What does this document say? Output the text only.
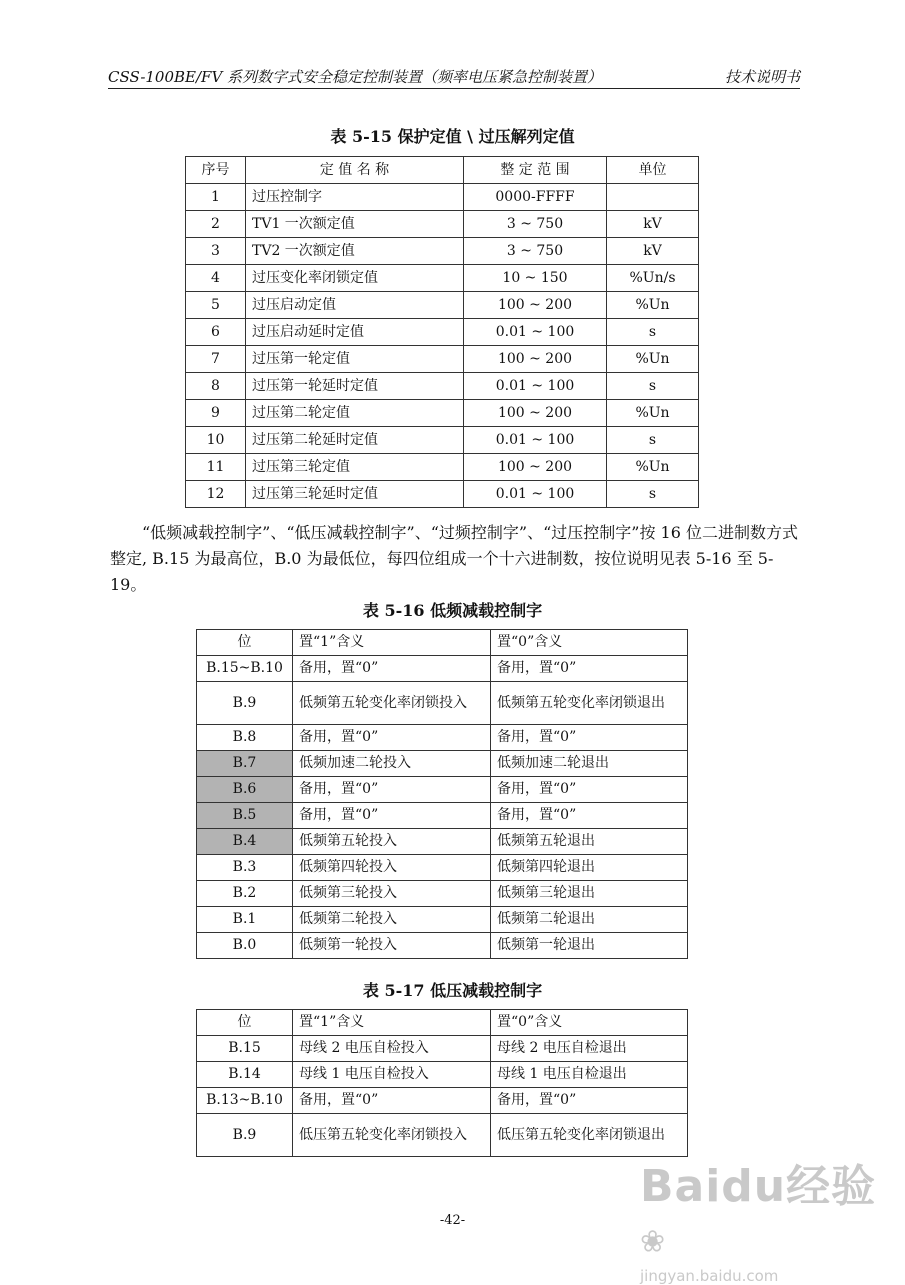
CSS-100BE/FV 系列数字式安全稳定控制装置（频率电压紧急控制装置）	技术说明书
表 5-15 保护定值 \ 过压解列定值
序号	定 值 名 称	整 定 范 围	单位
1	过压控制字	0000-FFFF	
2	TV1 一次额定值	3 ~ 750	kV
3	TV2 一次额定值	3 ~ 750	kV
4	过压变化率闭锁定值	10 ~ 150	%Un/s
5	过压启动定值	100 ~ 200	%Un
6	过压启动延时定值	0.01 ~ 100	s
7	过压第一轮定值	100 ~ 200	%Un
8	过压第一轮延时定值	0.01 ~ 100	s
9	过压第二轮定值	100 ~ 200	%Un
10	过压第二轮延时定值	0.01 ~ 100	s
11	过压第三轮定值	100 ~ 200	%Un
12	过压第三轮延时定值	0.01 ~ 100	s
“低频减载控制字”、“低压减载控制字”、“过频控制字”、“过压控制字”按 16 位二进制数方式整定, B.15 为最高位，B.0 为最低位，每四位组成一个十六进制数，按位说明见表 5-16 至 5-19。
表 5-16 低频减载控制字
位	置“1”含义	置“0”含义
B.15~B.10	备用，置“0”	备用，置“0”
B.9	低频第五轮变化率闭锁投入	低频第五轮变化率闭锁退出
B.8	备用，置“0”	备用，置“0”
B.7	低频加速二轮投入	低频加速二轮退出
B.6	备用，置“0”	备用，置“0”
B.5	备用，置“0”	备用，置“0”
B.4	低频第五轮投入	低频第五轮退出
B.3	低频第四轮投入	低频第四轮退出
B.2	低频第三轮投入	低频第三轮退出
B.1	低频第二轮投入	低频第二轮退出
B.0	低频第一轮投入	低频第一轮退出
表 5-17 低压减载控制字
位	置“1”含义	置“0”含义
B.15	母线 2 电压自检投入	母线 2 电压自检退出
B.14	母线 1 电压自检投入	母线 1 电压自检退出
B.13~B.10	备用，置“0”	备用，置“0”
B.9	低压第五轮变化率闭锁投入	低压第五轮变化率闭锁退出
-42-
Baidu经验 ❀
jingyan.baidu.com
